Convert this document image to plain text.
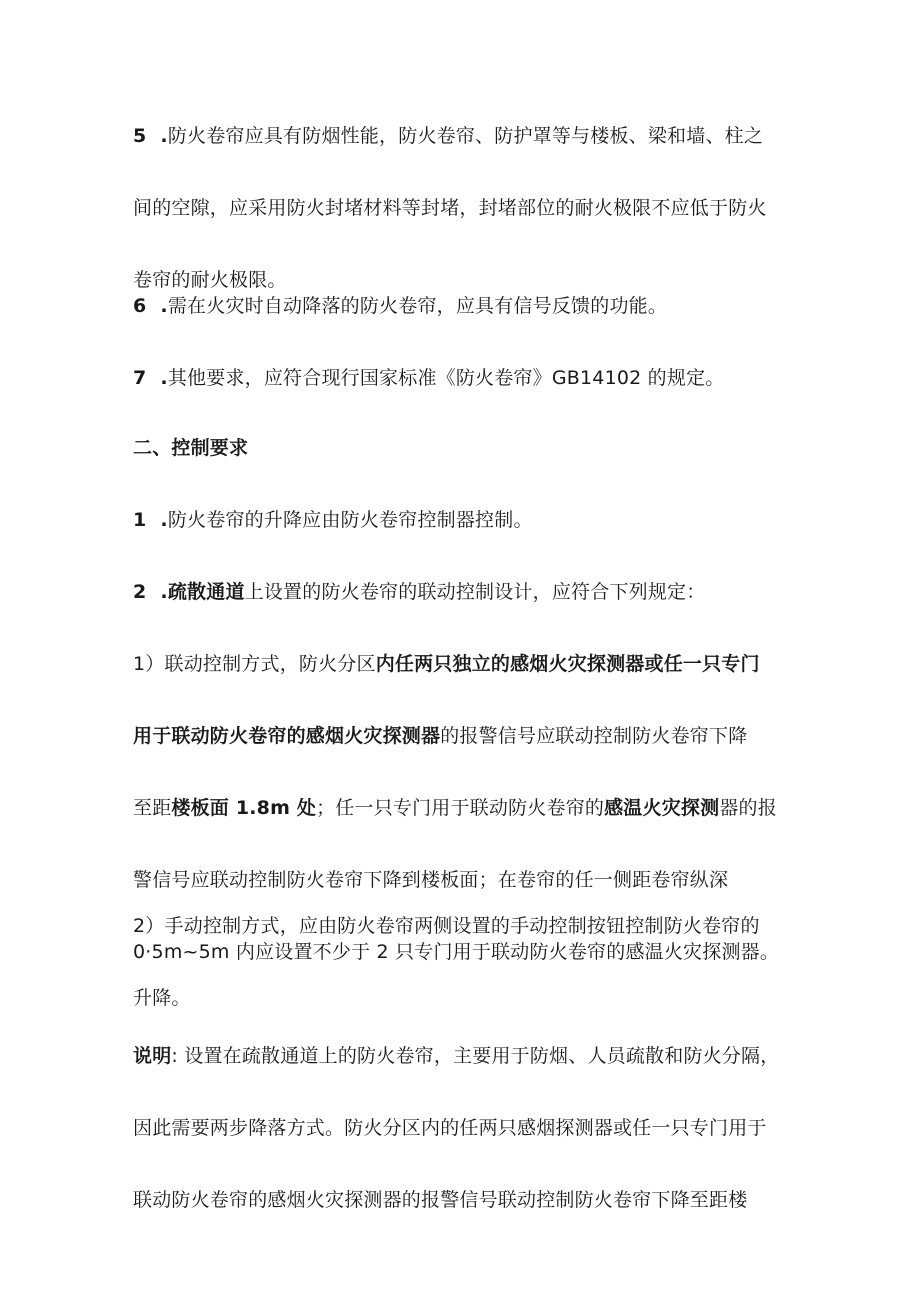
5 .防火卷帘应具有防烟性能，防火卷帘、防护罩等与楼板、梁和墙、柱之
间的空隙，应采用防火封堵材料等封堵，封堵部位的耐火极限不应低于防火
卷帘的耐火极限。
6 .需在火灾时自动降落的防火卷帘，应具有信号反馈的功能。
7 .其他要求，应符合现行国家标准《防火卷帘》GB14102 的规定。
二、控制要求
1 .防火卷帘的升降应由防火卷帘控制器控制。
2 .疏散通道上设置的防火卷帘的联动控制设计，应符合下列规定：
1）联动控制方式，防火分区内任两只独立的感烟火灾探测器或任一只专门
用于联动防火卷帘的感烟火灾探测器的报警信号应联动控制防火卷帘下降
至距楼板面 1.8m 处；任一只专门用于联动防火卷帘的感温火灾探测器的报
警信号应联动控制防火卷帘下降到楼板面；在卷帘的任一侧距卷帘纵深
0·5m~5m 内应设置不少于 2 只专门用于联动防火卷帘的感温火灾探测器。
2）手动控制方式，应由防火卷帘两侧设置的手动控制按钮控制防火卷帘的
升降。
说明: 设置在疏散通道上的防火卷帘，主要用于防烟、人员疏散和防火分隔，
因此需要两步降落方式。防火分区内的任两只感烟探测器或任一只专门用于
联动防火卷帘的感烟火灾探测器的报警信号联动控制防火卷帘下降至距楼
